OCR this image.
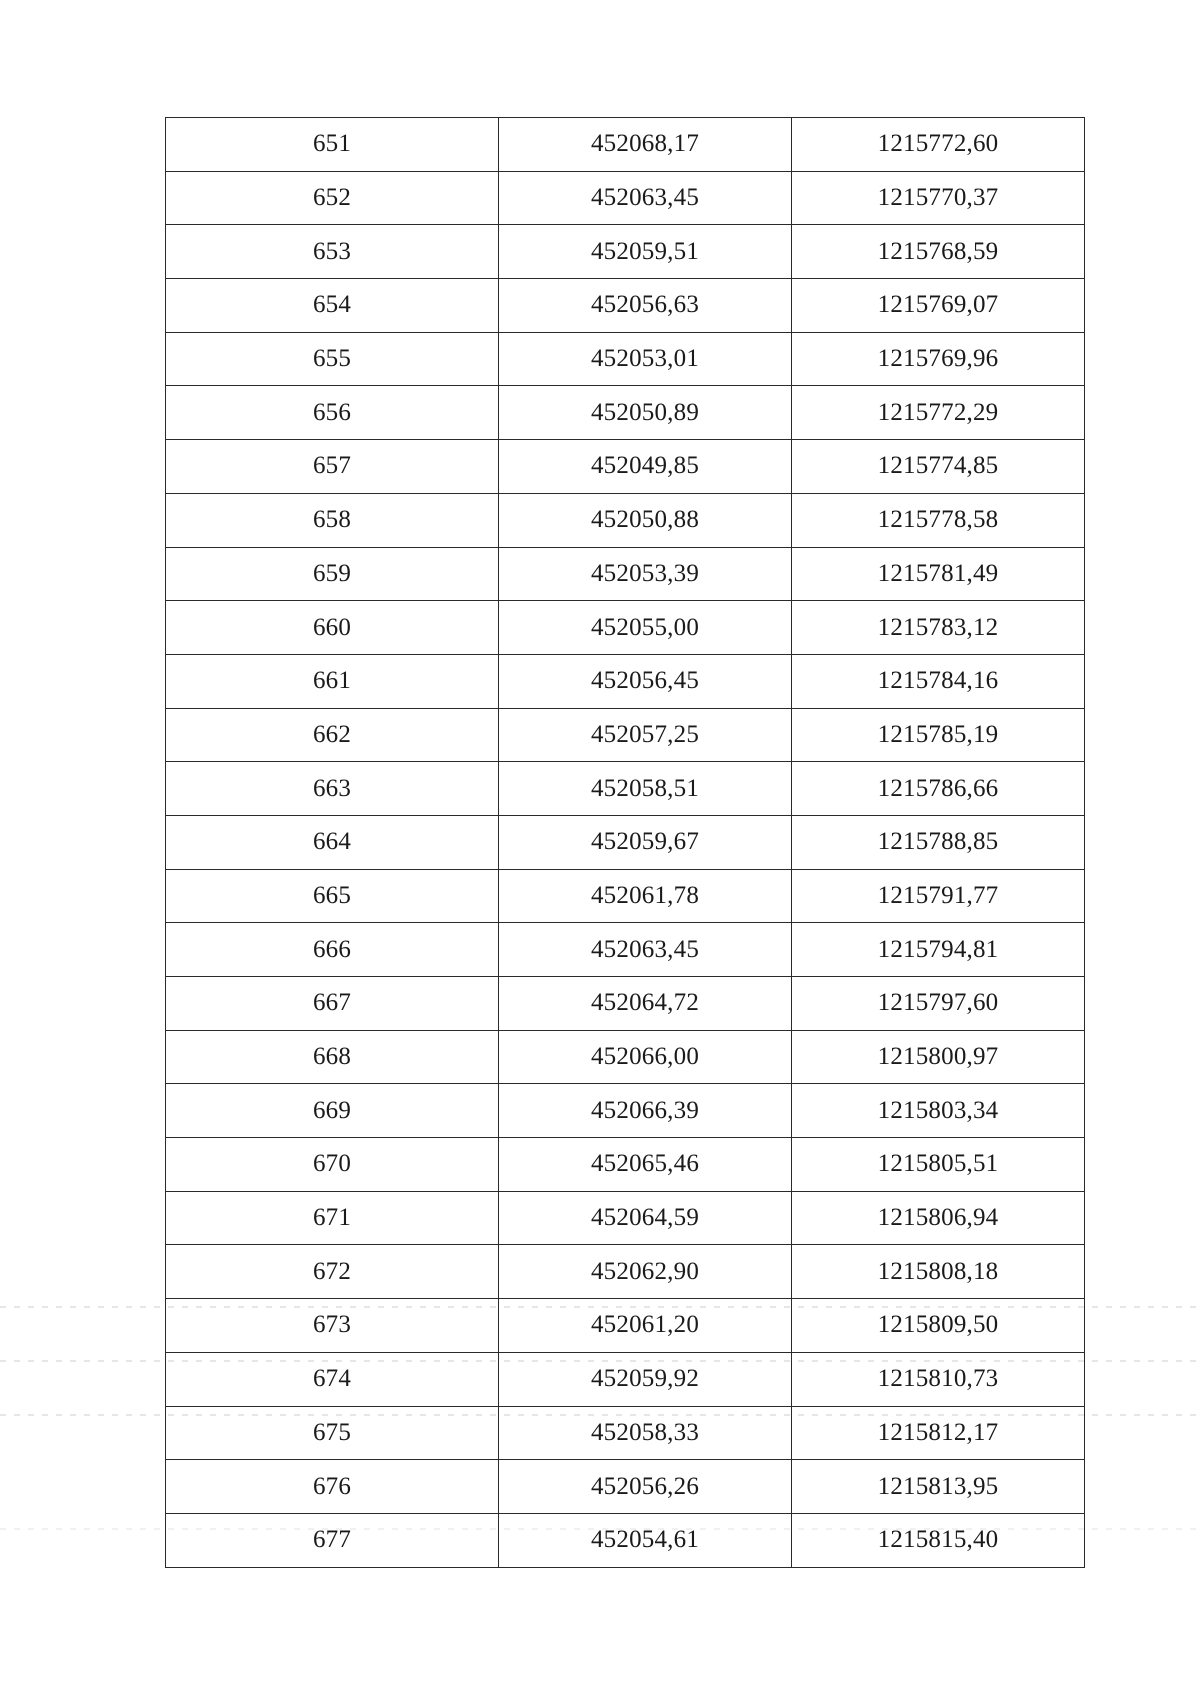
651	452068,17	1215772,60
652	452063,45	1215770,37
653	452059,51	1215768,59
654	452056,63	1215769,07
655	452053,01	1215769,96
656	452050,89	1215772,29
657	452049,85	1215774,85
658	452050,88	1215778,58
659	452053,39	1215781,49
660	452055,00	1215783,12
661	452056,45	1215784,16
662	452057,25	1215785,19
663	452058,51	1215786,66
664	452059,67	1215788,85
665	452061,78	1215791,77
666	452063,45	1215794,81
667	452064,72	1215797,60
668	452066,00	1215800,97
669	452066,39	1215803,34
670	452065,46	1215805,51
671	452064,59	1215806,94
672	452062,90	1215808,18
673	452061,20	1215809,50
674	452059,92	1215810,73
675	452058,33	1215812,17
676	452056,26	1215813,95
677	452054,61	1215815,40
